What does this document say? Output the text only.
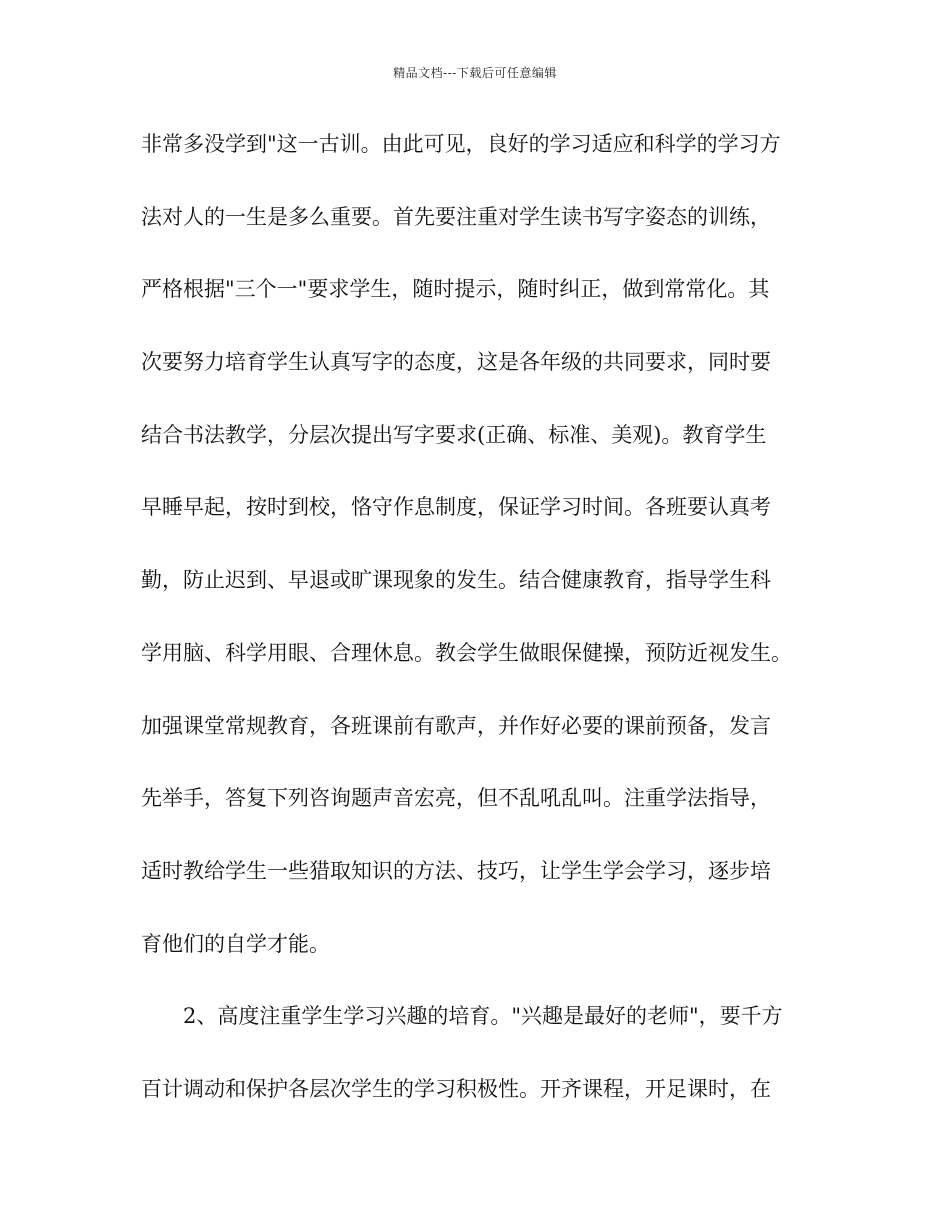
精品文档---下载后可任意编辑
非常多没学到"这一古训。由此可见，良好的学习适应和科学的学习方
法对人的一生是多么重要。首先要注重对学生读书写字姿态的训练，
严格根据"三个一"要求学生，随时提示，随时纠正，做到常常化。其
次要努力培育学生认真写字的态度，这是各年级的共同要求，同时要
结合书法教学，分层次提出写字要求(正确、标准、美观)。教育学生
早睡早起，按时到校，恪守作息制度，保证学习时间。各班要认真考
勤，防止迟到、早退或旷课现象的发生。结合健康教育，指导学生科
学用脑、科学用眼、合理休息。教会学生做眼保健操，预防近视发生。
加强课堂常规教育，各班课前有歌声，并作好必要的课前预备，发言
先举手，答复下列咨询题声音宏亮，但不乱吼乱叫。注重学法指导，
适时教给学生一些猎取知识的方法、技巧，让学生学会学习，逐步培
育他们的自学才能。
2、高度注重学生学习兴趣的培育。"兴趣是最好的老师"，要千方
百计调动和保护各层次学生的学习积极性。开齐课程，开足课时，在
